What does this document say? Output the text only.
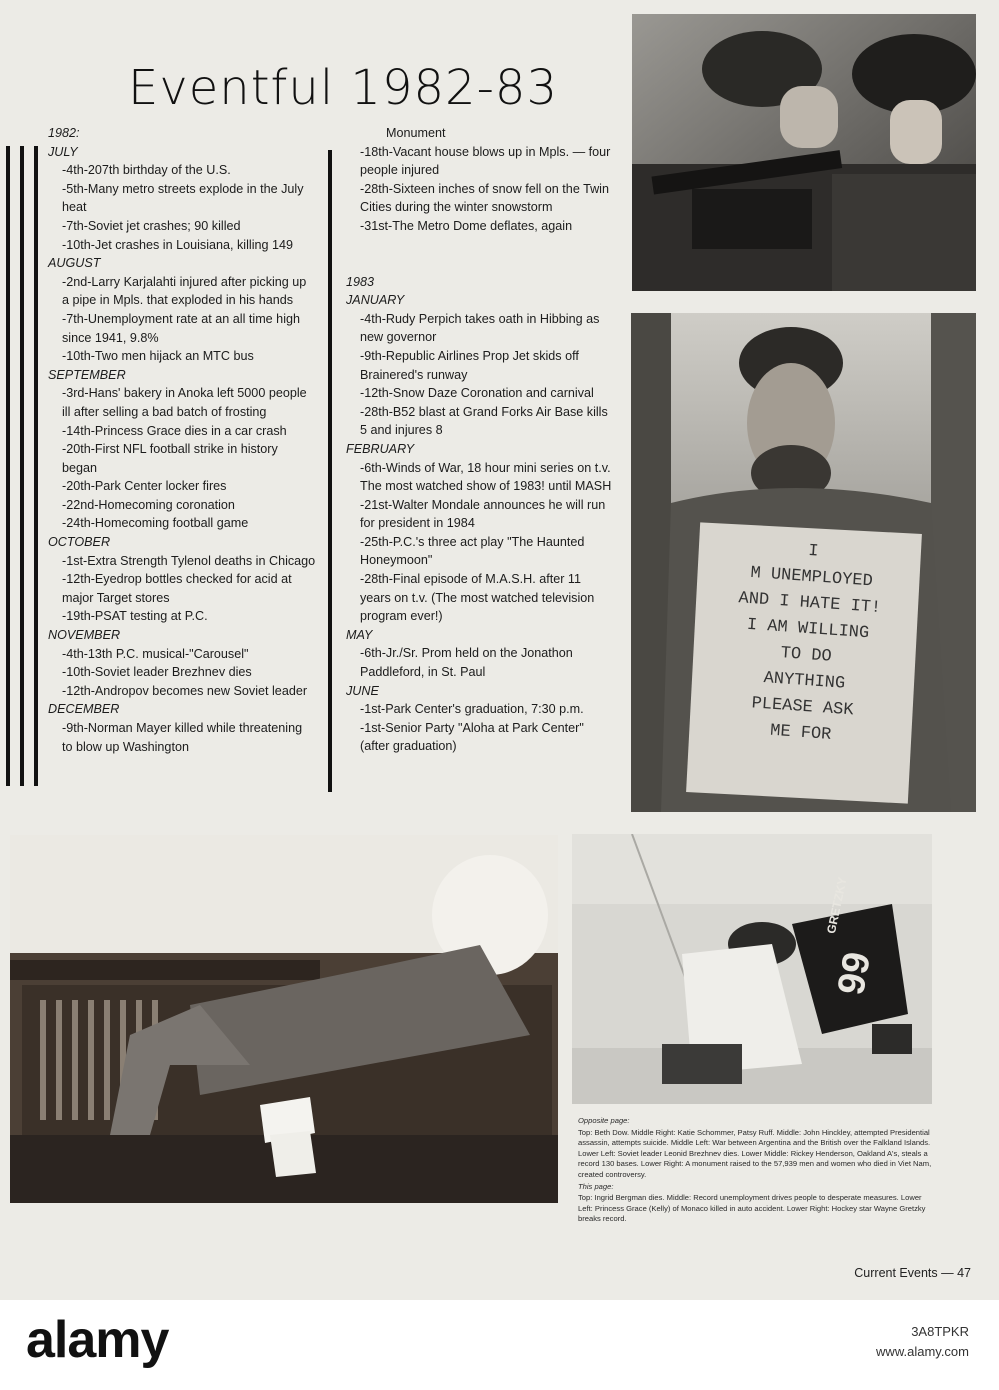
Eventful 1982-83
1982:
JULY
-4th-207th birthday of the U.S.
-5th-Many metro streets explode in the July heat
-7th-Soviet jet crashes; 90 killed
-10th-Jet crashes in Louisiana, killing 149
AUGUST
-2nd-Larry Karjalahti injured after picking up a pipe in Mpls. that exploded in his hands
-7th-Unemployment rate at an all time high since 1941, 9.8%
-10th-Two men hijack an MTC bus
SEPTEMBER
-3rd-Hans' bakery in Anoka left 5000 people ill after selling a bad batch of frosting
-14th-Princess Grace dies in a car crash
-20th-First NFL football strike in history began
-20th-Park Center locker fires
-22nd-Homecoming coronation
-24th-Homecoming football game
OCTOBER
-1st-Extra Strength Tylenol deaths in Chicago
-12th-Eyedrop bottles checked for acid at major Target stores
-19th-PSAT testing at P.C.
NOVEMBER
-4th-13th P.C. musical-"Carousel"
-10th-Soviet leader Brezhnev dies
-12th-Andropov becomes new Soviet leader
DECEMBER
-9th-Norman Mayer killed while threatening to blow up Washington
Monument
-18th-Vacant house blows up in Mpls. — four people injured
-28th-Sixteen inches of snow fell on the Twin Cities during the winter snowstorm
-31st-The Metro Dome deflates, again
1983
JANUARY
-4th-Rudy Perpich takes oath in Hibbing as new governor
-9th-Republic Airlines Prop Jet skids off Brainered's runway
-12th-Snow Daze Coronation and carnival
-28th-B52 blast at Grand Forks Air Base kills 5 and injures 8
FEBRUARY
-6th-Winds of War, 18 hour mini series on t.v. The most watched show of 1983! until MASH
-21st-Walter Mondale announces he will run for president in 1984
-25th-P.C.'s three act play "The Haunted Honeymoon"
-28th-Final episode of M.A.S.H. after 11 years on t.v. (The most watched television program ever!)
MAY
-6th-Jr./Sr. Prom held on the Jonathon Paddleford, in St. Paul
JUNE
-1st-Park Center's graduation, 7:30 p.m.
-1st-Senior Party "Aloha at Park Center" (after graduation)
I
M UNEMPLOYED
AND I HATE IT!
I AM WILLING
TO DO
ANYTHING
PLEASE ASK
ME FOR
GRETZKY
99

Opposite page:

Top: Beth Dow. Middle Right: Katie Schommer, Patsy Ruff. Middle: John Hinckley, attempted Presidential assassin, attempts suicide. Middle Left: War between Argentina and the British over the Falkland Islands. Lower Left: Soviet leader Leonid Brezhnev dies. Lower Middle: Rickey Henderson, Oakland A's, steals a record 130 bases. Lower Right: A monument raised to the 57,939 men and women who died in Viet Nam, created controversy.

This page:

Top: Ingrid Bergman dies. Middle: Record unemployment drives people to desperate measures. Lower Left: Princess Grace (Kelly) of Monaco killed in auto accident. Lower Right: Hockey star Wayne Gretzky breaks record.

Current Events — 47
alamy	3A8TPKR
www.alamy.com
